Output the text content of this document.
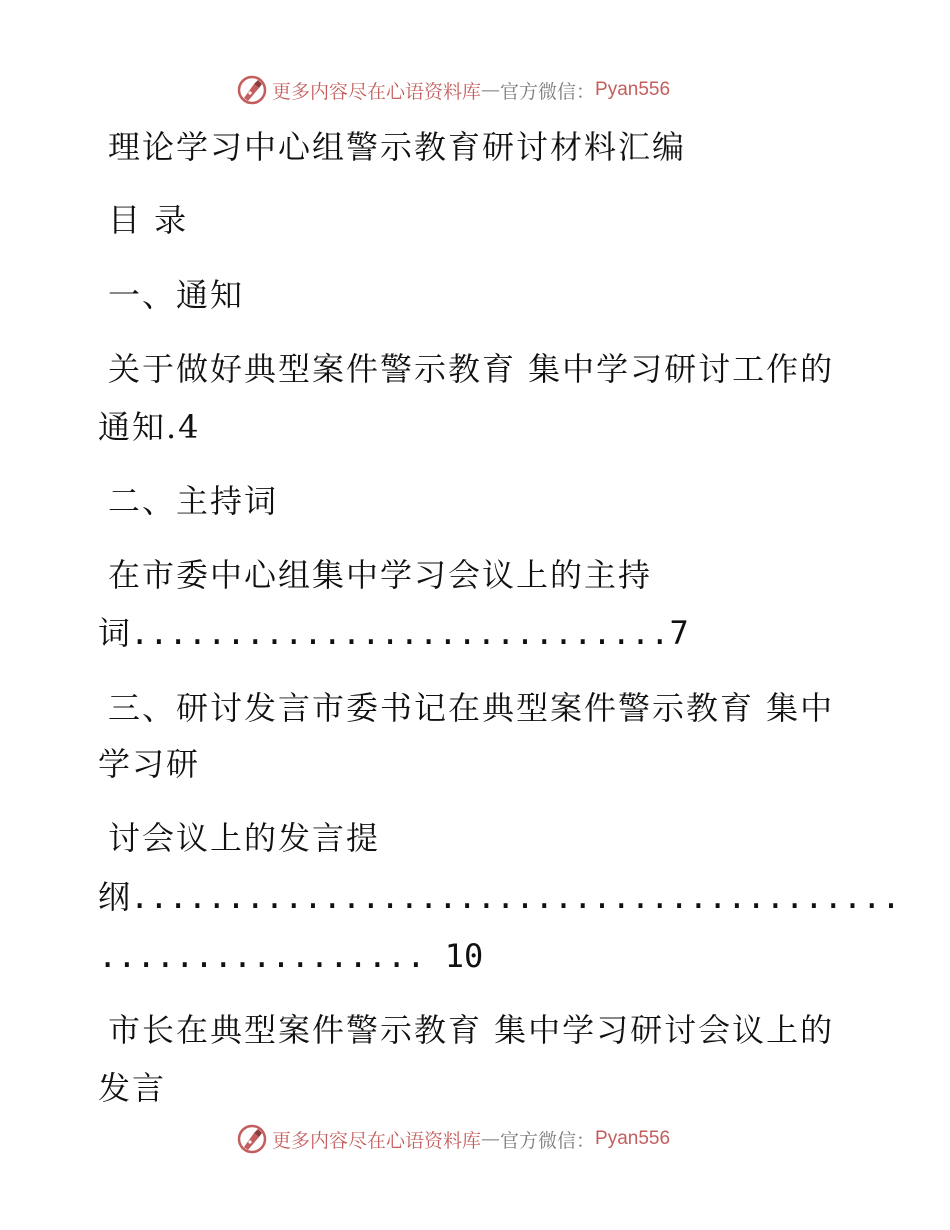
更多内容尽在心语资料库 — 官方微信： Pyan556
理论学习中心组警示教育研讨材料汇编
目 录
一、通知
关于做好典型案件警示教育 集中学习研讨工作的
通知.4
二、主持词
在市委中心组集中学习会议上的主持
词............................7
三、研讨发言市委书记在典型案件警示教育 集中
学习研
讨会议上的发言提
纲........................................
................. 10
市长在典型案件警示教育 集中学习研讨会议上的
发言
更多内容尽在心语资料库 — 官方微信： Pyan556
